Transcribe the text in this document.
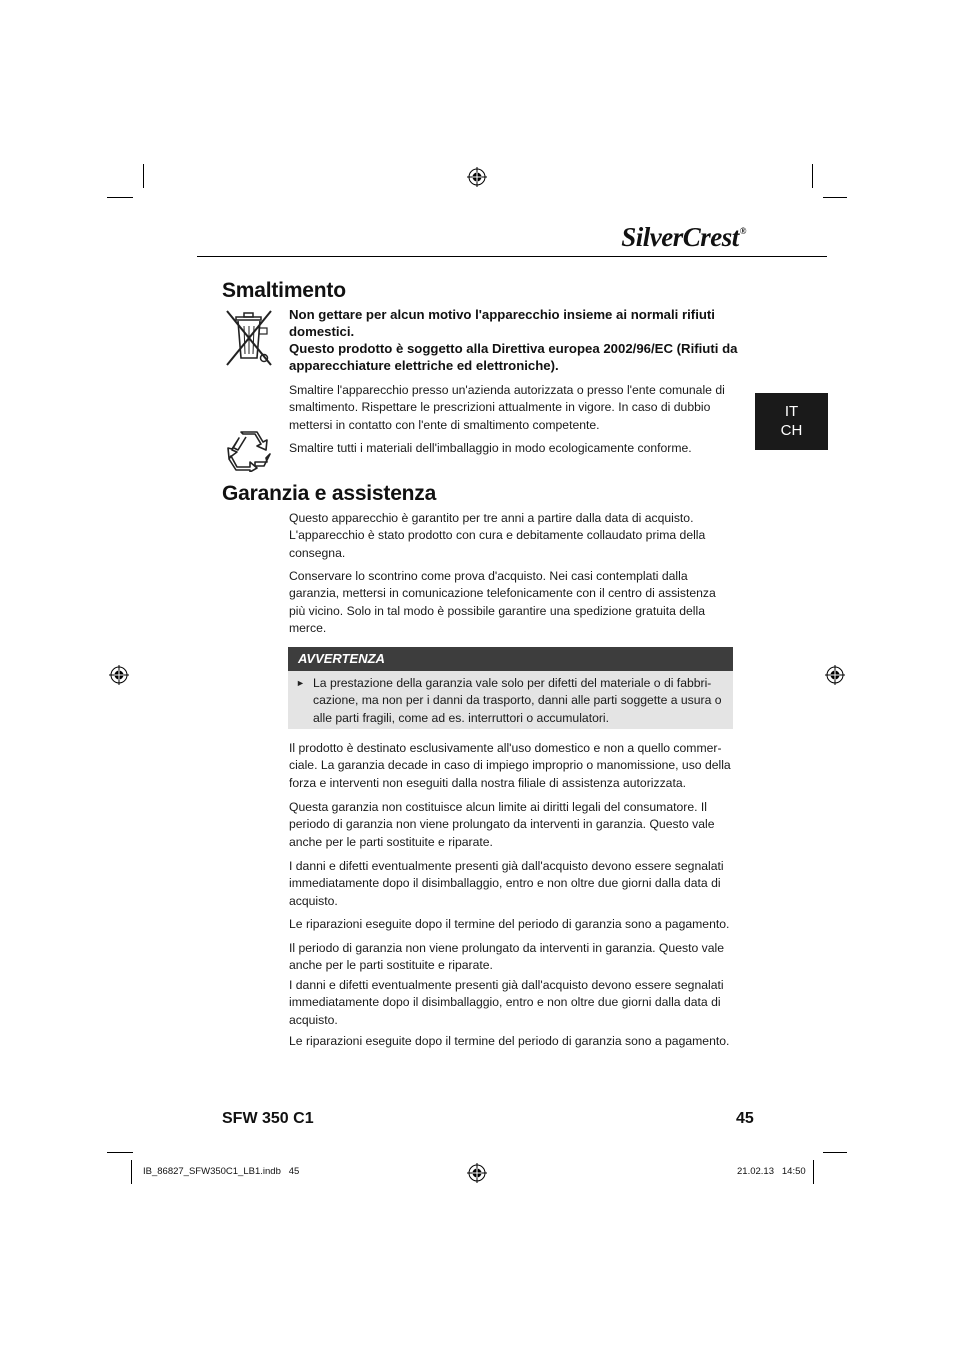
SilverCrest®
IT
CH
Smaltimento

Non gettare per alcun motivo l'apparecchio insieme ai normali rifiuti domestici.

Questo prodotto è soggetto alla Direttiva europea 2002/96/EC (Rifiuti da apparecchiature elettriche ed elettroniche).

Smaltire l'apparecchio presso un'azienda autorizzata o presso l'ente comunale di smaltimento. Rispettare le prescrizioni attualmente in vigore. In caso di dubbio mettersi in contatto con l'ente di smaltimento competente.

Smaltire tutti i materiali dell'imballaggio in modo ecologicamente conforme.

Garanzia e assistenza

Questo apparecchio è garantito per tre anni a partire dalla data di acquisto. L'apparecchio è stato prodotto con cura e debitamente collaudato prima della consegna.

Conservare lo scontrino come prova d'acquisto. Nei casi contemplati dalla garanzia, mettersi in comunicazione telefonicamente con il centro di assistenza più vicino. Solo in tal modo è possibile garantire una spedizione gratuita della merce.

AVVERTENZA
► La prestazione della garanzia vale solo per difetti del materiale o di fabbri-cazione, ma non per i danni da trasporto, danni alle parti soggette a usura o alle parti fragili, come ad es. interruttori o accumulatori.

Il prodotto è destinato esclusivamente all'uso domestico e non a quello commer-ciale. La garanzia decade in caso di impiego improprio o manomissione, uso della forza e interventi non eseguiti dalla nostra filiale di assistenza autorizzata.

Questa garanzia non costituisce alcun limite ai diritti legali del consumatore. Il periodo di garanzia non viene prolungato da interventi in garanzia. Questo vale anche per le parti sostituite e riparate.

I danni e difetti eventualmente presenti già dall'acquisto devono essere segnalati immediatamente dopo il disimballaggio, entro e non oltre due giorni dalla data di acquisto.

Le riparazioni eseguite dopo il termine del periodo di garanzia sono a pagamento.

Il periodo di garanzia non viene prolungato da interventi in garanzia. Questo vale anche per le parti sostituite e riparate.

I danni e difetti eventualmente presenti già dall'acquisto devono essere segnalati immediatamente dopo il disimballaggio, entro e non oltre due giorni dalla data di acquisto.

Le riparazioni eseguite dopo il termine del periodo di garanzia sono a pagamento.

SFW 350 C1	45
IB_86827_SFW350C1_LB1.indb   45	21.02.13   14:50
